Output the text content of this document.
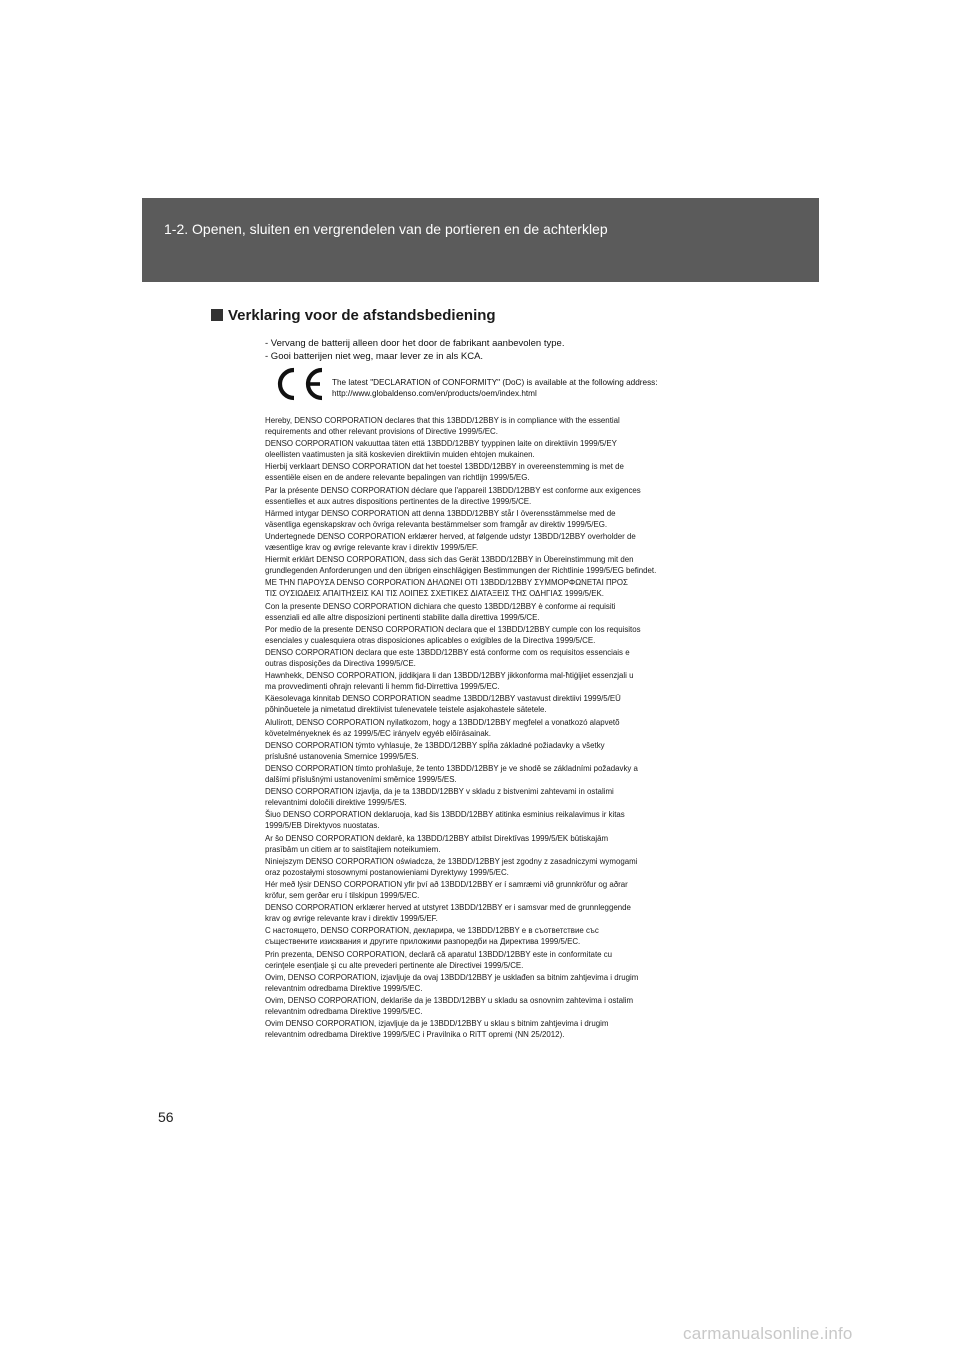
1-2. Openen, sluiten en vergrendelen van de portieren en de achterklep
Verklaring voor de afstandsbediening
- Vervang de batterij alleen door het door de fabrikant aanbevolen type.
- Gooi batterijen niet weg, maar lever ze in als KCA.
The latest "DECLARATION of CONFORMITY" (DoC) is available at the following address:
http://www.globaldenso.com/en/products/oem/index.html
Hereby, DENSO CORPORATION declares that this 13BDD/12BBY is in compliance with the essential
requirements and other relevant provisions of Directive 1999/5/EC.
DENSO CORPORATION vakuuttaa täten että 13BDD/12BBY tyyppinen laite on direktiivin 1999/5/EY
oleellisten vaatimusten ja sitä koskevien direktiivin muiden ehtojen mukainen.
Hierbij verklaart DENSO CORPORATION dat het toestel 13BDD/12BBY in overeenstemming is met de
essentiële eisen en de andere relevante bepalingen van richtlijn 1999/5/EG.
Par la présente DENSO CORPORATION déclare que l'appareil 13BDD/12BBY est conforme aux exigences
essentielles et aux autres dispositions pertinentes de la directive 1999/5/CE.
Härmed intygar DENSO CORPORATION att denna 13BDD/12BBY står I överensstämmelse med de
väsentliga egenskapskrav och övriga relevanta bestämmelser som framgår av direktiv 1999/5/EG.
Undertegnede DENSO CORPORATION erklærer herved, at følgende udstyr 13BDD/12BBY overholder de
væsentlige krav og øvrige relevante krav i direktiv 1999/5/EF.
Hiermit erklärt DENSO CORPORATION, dass sich das Gerät 13BDD/12BBY in Übereinstimmung mit den
grundlegenden Anforderungen und den übrigen einschlägigen Bestimmungen der Richtlinie 1999/5/EG befindet.
ΜΕ ΤΗΝ ΠΑΡΟΥΣΑ DENSO CORPORATION ΔΗΛΩΝΕΙ ΟΤΙ 13BDD/12BBY ΣΥΜΜΟΡΦΩΝΕΤΑΙ ΠΡΟΣ
ΤΙΣ ΟΥΣΙΩΔΕΙΣ ΑΠΑΙΤΗΣΕΙΣ ΚΑΙ ΤΙΣ ΛΟΙΠΕΣ ΣΧΕΤΙΚΕΣ ΔΙΑΤΑΞΕΙΣ ΤΗΣ ΟΔΗΓΙΑΣ 1999/5/ΕΚ.
Con la presente DENSO CORPORATION dichiara che questo 13BDD/12BBY è conforme ai requisiti
essenziali ed alle altre disposizioni pertinenti stabilite dalla direttiva 1999/5/CE.
Por medio de la presente DENSO CORPORATION declara que el 13BDD/12BBY cumple con los requisitos
esenciales y cualesquiera otras disposiciones aplicables o exigibles de la Directiva 1999/5/CE.
DENSO CORPORATION declara que este 13BDD/12BBY está conforme com os requisitos essenciais e
outras disposições da Directiva 1999/5/CE.
Hawnhekk, DENSO CORPORATION, jiddikjara li dan 13BDD/12BBY jikkonforma mal-ħtiġijiet essenzjali u
ma provvedimenti oħrajn relevanti li hemm fid-Dirrettiva 1999/5/EC.
Käesolevaga kinnitab DENSO CORPORATION seadme 13BDD/12BBY vastavust direktiivi 1999/5/EÜ
põhinõuetele ja nimetatud direktiivist tulenevatele teistele asjakohastele sätetele.
Alulírott, DENSO CORPORATION nyilatkozom, hogy a 13BDD/12BBY megfelel a vonatkozó alapvetõ
követelményeknek és az 1999/5/EC irányelv egyéb elõírásainak.
DENSO CORPORATION týmto vyhlasuje, že 13BDD/12BBY spĺňa základné požiadavky a všetky
príslušné ustanovenia Smernice 1999/5/ES.
DENSO CORPORATION tímto prohlašuje, že tento 13BDD/12BBY je ve shodě se základními požadavky a
dalšími příslušnými ustanoveními směrnice 1999/5/ES.
DENSO CORPORATION izjavlja, da je ta 13BDD/12BBY v skladu z bistvenimi zahtevami in ostalimi
relevantnimi določili direktive 1999/5/ES.
Šiuo DENSO CORPORATION deklaruoja, kad šis 13BDD/12BBY atitinka esminius reikalavimus ir kitas
1999/5/EB Direktyvos nuostatas.
Ar šo DENSO CORPORATION deklarē, ka 13BDD/12BBY atbilst Direktīvas 1999/5/EK būtiskajām
prasībām un citiem ar to saistītajiem noteikumiem.
Niniejszym DENSO CORPORATION oświadcza, że 13BDD/12BBY jest zgodny z zasadniczymi wymogami
oraz pozostałymi stosownymi postanowieniami Dyrektywy 1999/5/EC.
Hér með lýsir DENSO CORPORATION yfir því að 13BDD/12BBY er í samræmi við grunnkröfur og aðrar
kröfur, sem gerðar eru í tilskipun 1999/5/EC.
DENSO CORPORATION erklærer herved at utstyret 13BDD/12BBY er i samsvar med de grunnleggende
krav og øvrige relevante krav i direktiv 1999/5/EF.
С настоящето, DENSO CORPORATION, декларира, че 13BDD/12BBY е в съответствие със
съществените изисквания и другите приложими разпоредби на Директива 1999/5/ЕС.
Prin prezenta, DENSO CORPORATION, declară că aparatul 13BDD/12BBY este in conformitate cu
cerinţele esenţiale şi cu alte prevederi pertinente ale Directivei 1999/5/CE.
Ovim, DENSO CORPORATION, izjavljuje da ovaj 13BDD/12BBY je usklađen sa bitnim zahtjevima i drugim
relevantnim odredbama Direktive 1999/5/EC.
Ovim, DENSO CORPORATION, deklariše da je 13BDD/12BBY u skladu sa osnovnim zahtevima i ostalim
relevantnim odredbama Direktive 1999/5/EC.
Ovim DENSO CORPORATION, izjavljuje da je 13BDD/12BBY u sklau s bitnim zahtjevima i drugim
relevantnim odredbama Direktive 1999/5/EC i Pravilnika o RiTT opremi (NN 25/2012).
56
carmanualsonline.info
